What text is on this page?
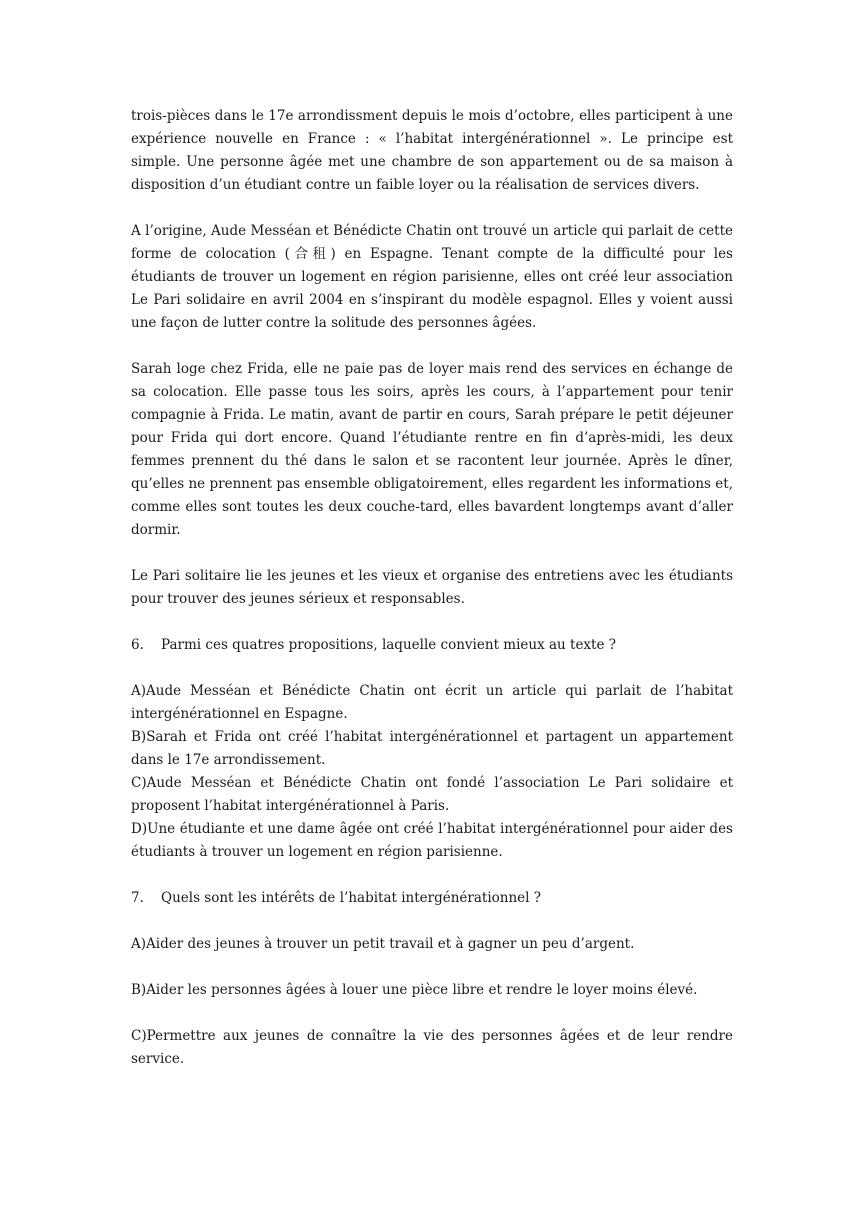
trois-pièces dans le 17e arrondissment depuis le mois d’octobre, elles participent à une expérience nouvelle en France : « l’habitat intergénérationnel ». Le principe est simple. Une personne âgée met une chambre de son appartement ou de sa maison à disposition d’un étudiant contre un faible loyer ou la réalisation de services divers.

A l’origine, Aude Messéan et Bénédicte Chatin ont trouvé un article qui parlait de cette forme de colocation (合租) en Espagne. Tenant compte de la difficulté pour les étudiants de trouver un logement en région parisienne, elles ont créé leur association Le Pari solidaire en avril 2004 en s’inspirant du modèle espagnol. Elles y voient aussi une façon de lutter contre la solitude des personnes âgées.

Sarah loge chez Frida, elle ne paie pas de loyer mais rend des services en échange de sa colocation. Elle passe tous les soirs, après les cours, à l’appartement pour tenir compagnie à Frida. Le matin, avant de partir en cours, Sarah prépare le petit déjeuner pour Frida qui dort encore. Quand l’étudiante rentre en fin d’après-midi, les deux femmes prennent du thé dans le salon et se racontent leur journée. Après le dîner, qu’elles ne prennent pas ensemble obligatoirement, elles regardent les informations et, comme elles sont toutes les deux couche-tard, elles bavardent longtemps avant d’aller dormir.

Le Pari solitaire lie les jeunes et les vieux et organise des entretiens avec les étudiants pour trouver des jeunes sérieux et responsables.

6. Parmi ces quatres propositions, laquelle convient mieux au texte ?

A)Aude Messéan et Bénédicte Chatin ont écrit un article qui parlait de l’habitat intergénérationnel en Espagne.

B)Sarah et Frida ont créé l’habitat intergénérationnel et partagent un appartement dans le 17e arrondissement.

C)Aude Messéan et Bénédicte Chatin ont fondé l’association Le Pari solidaire et proposent l’habitat intergénérationnel à Paris.

D)Une étudiante et une dame âgée ont créé l’habitat intergénérationnel pour aider des étudiants à trouver un logement en région parisienne.

7. Quels sont les intérêts de l’habitat intergénérationnel ?

A)Aider des jeunes à trouver un petit travail et à gagner un peu d’argent.

B)Aider les personnes âgées à louer une pièce libre et rendre le loyer moins élevé.

C)Permettre aux jeunes de connaître la vie des personnes âgées et de leur rendre service.
